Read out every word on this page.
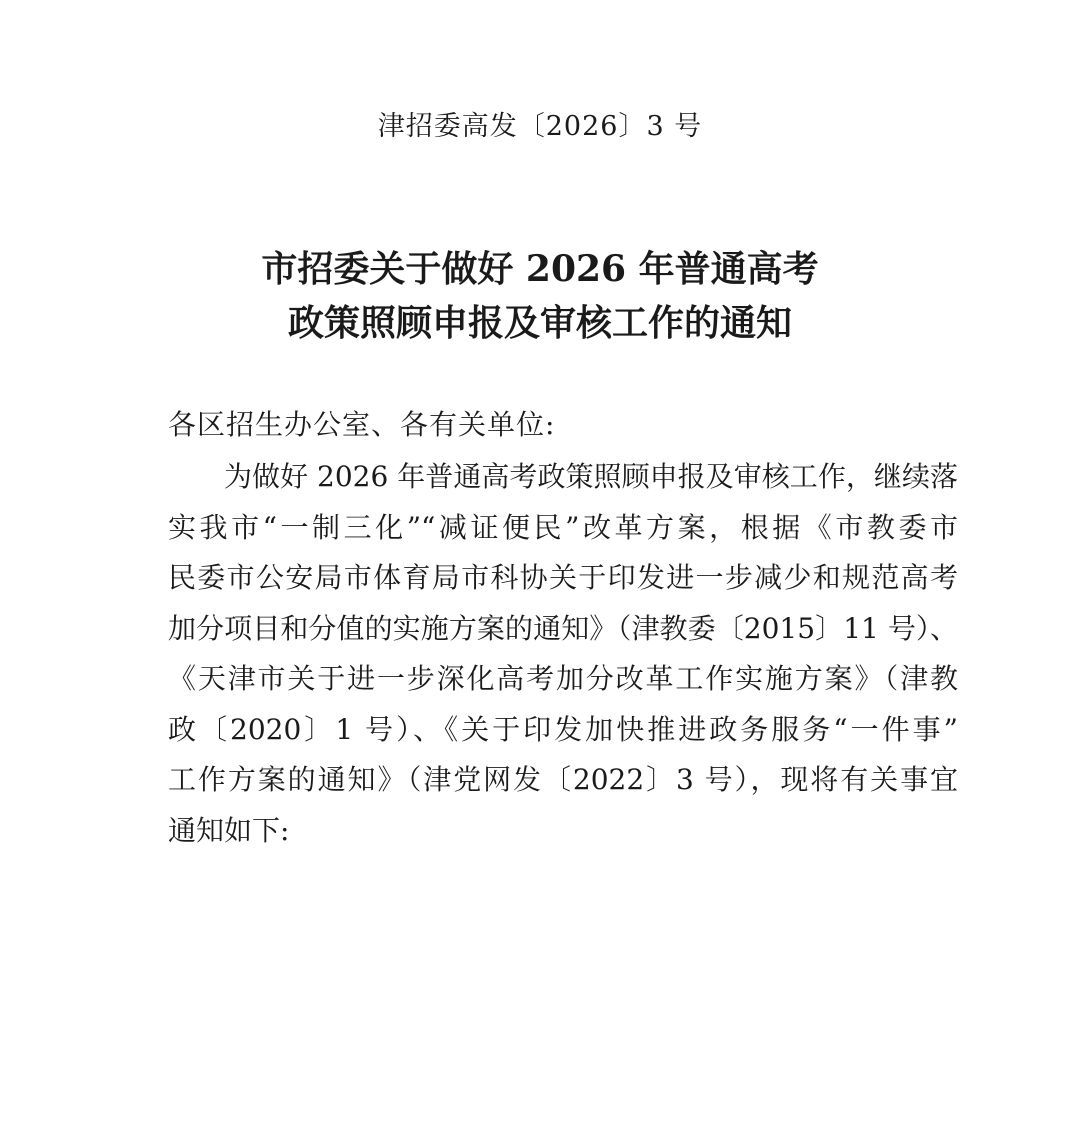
津招委高发〔2026〕3 号
市招委关于做好 2026 年普通高考
政策照顾申报及审核工作的通知
各区招生办公室、各有关单位:
为做好 2026 年普通高考政策照顾申报及审核工作，继续落
实我市“一制三化”“减证便民”改革方案，根据《市教委市
民委市公安局市体育局市科协关于印发进一步减少和规范高考
加分项目和分值的实施方案的通知》（津教委〔2015〕11 号）、
《天津市关于进一步深化高考加分改革工作实施方案》（津教
政〔2020〕1 号）、《关于印发加快推进政务服务“一件事”
工作方案的通知》（津党网发〔2022〕3 号），现将有关事宜
通知如下:
